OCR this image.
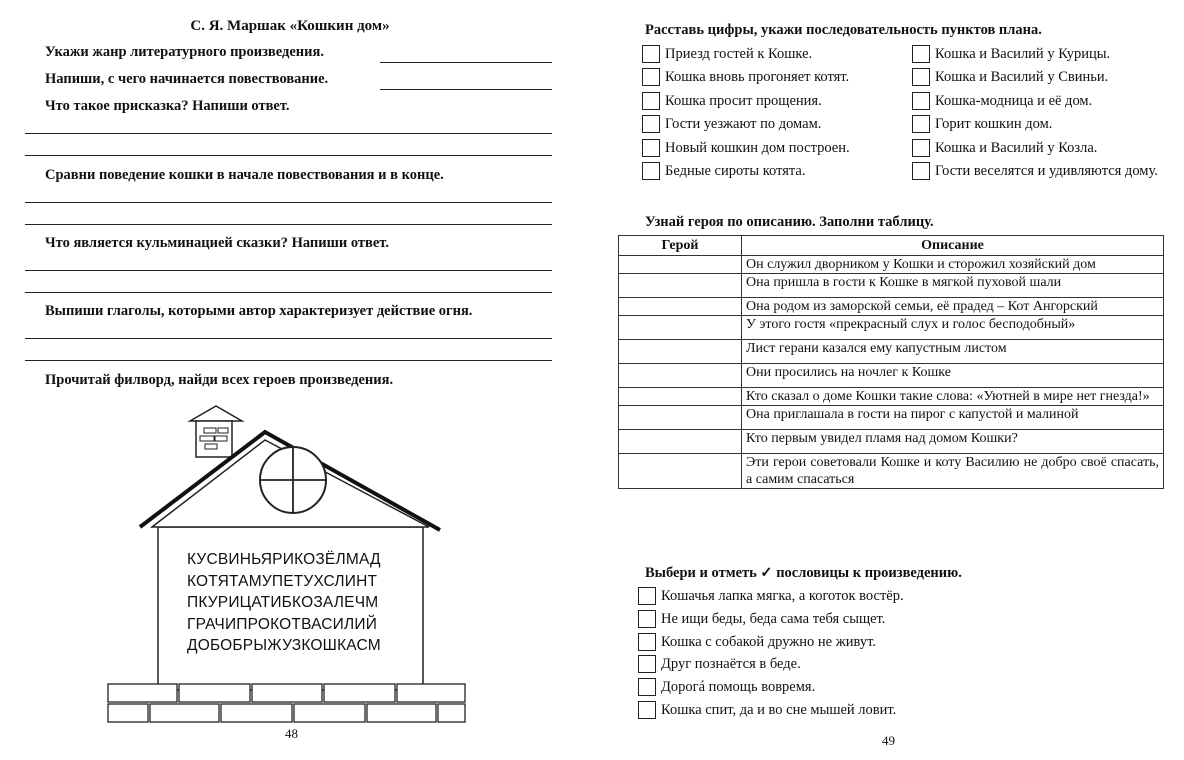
С. Я. Маршак «Кошкин дом»
Укажи жанр литературного произведения.
Напиши, с чего начинается повествование.
Что такое присказка? Напиши ответ.
Сравни поведение кошки в начале повествования и в конце.
Что является кульминацией сказки? Напиши ответ.
Выпиши глаголы, которыми автор характеризует действие огня.
Прочитай филворд, найди всех героев произведения.
КУСВИНЬЯРИКОЗЁЛМАД
КОТЯТАМУПЕТУХСЛИНТ
ПКУРИЦАТИБКОЗАЛЕЧМ
ГРАЧИПРОКОТВАСИЛИЙ
ДОБОБРЫЖУЗКОШКАСМ
48
Расставь цифры, укажи последовательность пунктов плана.
Приезд гостей к Кошке.
Кошка вновь прогоняет котят.
Кошка просит прощения.
Гости уезжают по домам.
Новый кошкин дом построен.
Бедные сироты котята.
Кошка и Василий у Курицы.
Кошка и Василий у Свиньи.
Кошка-модница и её дом.
Горит кошкин дом.
Кошка и Василий у Козла.
Гости веселятся и удивляются дому.
Узнай героя по описанию. Заполни таблицу.
Герой	Описание
	Он служил дворником у Кошки и сторожил хозяйский дом
	Она пришла в гости к Кошке в мягкой пуховой шали
	Она родом из заморской семьи, её прадед – Кот Ангорский
	У этого гостя «прекрасный слух и голос бесподобный»
	Лист герани казался ему капустным листом
	Они просились на ночлег к Кошке
	Кто сказал о доме Кошки такие слова: «Уютней в мире нет гнезда!»
	Она приглашала в гости на пирог с капустой и малиной
	Кто первым увидел пламя над домом Кошки?
	Эти герои советовали Кошке и коту Василию не добро своё спасать, а самим спасаться
Выбери и отметь ✓ пословицы к произведению.
Кошачья лапка мягка, а коготок востёр.
Не ищи беды, беда сама тебя сыщет.
Кошка с собакой дружно не живут.
Друг познаётся в беде.
Дорогá помощь вовремя.
Кошка спит, да и во сне мышей ловит.
49
